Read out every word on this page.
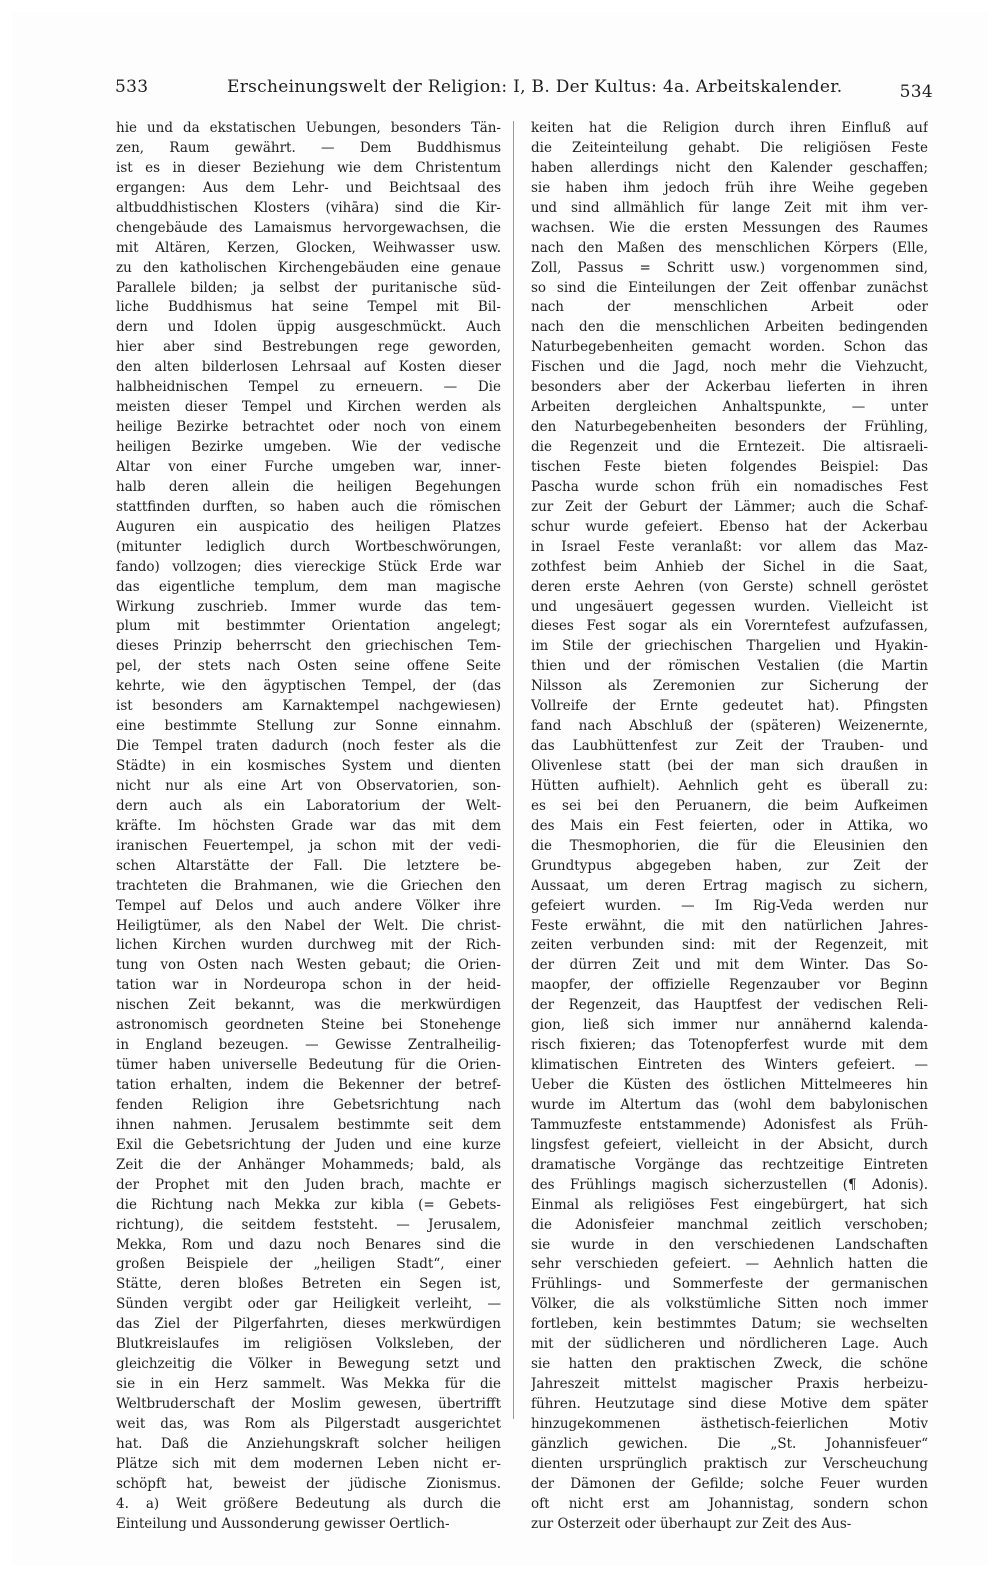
533	Erscheinungswelt der Religion: I, B. Der Kultus: 4a. Arbeitskalender.	534
hie und da ekstatischen Uebungen, besonders Tän-
zen, Raum gewährt. — Dem Buddhismus
ist es in dieser Beziehung wie dem Christentum
ergangen: Aus dem Lehr- und Beichtsaal des
altbuddhistischen Klosters (vihāra) sind die Kir-
chengebäude des Lamaismus hervorgewachsen, die
mit Altären, Kerzen, Glocken, Weihwasser usw.
zu den katholischen Kirchengebäuden eine genaue
Parallele bilden; ja selbst der puritanische süd-
liche Buddhismus hat seine Tempel mit Bil-
dern und Idolen üppig ausgeschmückt. Auch
hier aber sind Bestrebungen rege geworden,
den alten bilderlosen Lehrsaal auf Kosten dieser
halbheidnischen Tempel zu erneuern. — Die
meisten dieser Tempel und Kirchen werden als
heilige Bezirke betrachtet oder noch von einem
heiligen Bezirke umgeben. Wie der vedische
Altar von einer Furche umgeben war, inner-
halb deren allein die heiligen Begehungen
stattfinden durften, so haben auch die römischen
Auguren ein auspicatio des heiligen Platzes
(mitunter lediglich durch Wortbeschwörungen,
fando) vollzogen; dies viereckige Stück Erde war
das eigentliche templum, dem man magische
Wirkung zuschrieb. Immer wurde das tem-
plum mit bestimmter Orientation angelegt;
dieses Prinzip beherrscht den griechischen Tem-
pel, der stets nach Osten seine offene Seite
kehrte, wie den ägyptischen Tempel, der (das
ist besonders am Karnaktempel nachgewiesen)
eine bestimmte Stellung zur Sonne einnahm.
Die Tempel traten dadurch (noch fester als die
Städte) in ein kosmisches System und dienten
nicht nur als eine Art von Observatorien, son-
dern auch als ein Laboratorium der Welt-
kräfte. Im höchsten Grade war das mit dem
iranischen Feuertempel, ja schon mit der vedi-
schen Altarstätte der Fall. Die letztere be-
trachteten die Brahmanen, wie die Griechen den
Tempel auf Delos und auch andere Völker ihre
Heiligtümer, als den Nabel der Welt. Die christ-
lichen Kirchen wurden durchweg mit der Rich-
tung von Osten nach Westen gebaut; die Orien-
tation war in Nordeuropa schon in der heid-
nischen Zeit bekannt, was die merkwürdigen
astronomisch geordneten Steine bei Stonehenge
in England bezeugen. — Gewisse Zentralheilig-
tümer haben universelle Bedeutung für die Orien-
tation erhalten, indem die Bekenner der betref-
fenden Religion ihre Gebetsrichtung nach
ihnen nahmen. Jerusalem bestimmte seit dem
Exil die Gebetsrichtung der Juden und eine kurze
Zeit die der Anhänger Mohammeds; bald, als
der Prophet mit den Juden brach, machte er
die Richtung nach Mekka zur kibla (= Gebets-
richtung), die seitdem feststeht. — Jerusalem,
Mekka, Rom und dazu noch Benares sind die
großen Beispiele der „heiligen Stadt“, einer
Stätte, deren bloßes Betreten ein Segen ist,
Sünden vergibt oder gar Heiligkeit verleiht, —
das Ziel der Pilgerfahrten, dieses merkwürdigen
Blutkreislaufes im religiösen Volksleben, der
gleichzeitig die Völker in Bewegung setzt und
sie in ein Herz sammelt. Was Mekka für die
Weltbruderschaft der Moslim gewesen, übertrifft
weit das, was Rom als Pilgerstadt ausgerichtet
hat. Daß die Anziehungskraft solcher heiligen
Plätze sich mit dem modernen Leben nicht er-
schöpft hat, beweist der jüdische Zionismus.
4. a) Weit größere Bedeutung als durch die
Einteilung und Aussonderung gewisser Oertlich-
keiten hat die Religion durch ihren Einfluß auf
die Zeiteinteilung gehabt. Die religiösen Feste
haben allerdings nicht den Kalender geschaffen;
sie haben ihm jedoch früh ihre Weihe gegeben
und sind allmählich für lange Zeit mit ihm ver-
wachsen. Wie die ersten Messungen des Raumes
nach den Maßen des menschlichen Körpers (Elle,
Zoll, Passus = Schritt usw.) vorgenommen sind,
so sind die Einteilungen der Zeit offenbar zunächst
nach der menschlichen Arbeit oder
nach den die menschlichen Arbeiten bedingenden
Naturbegebenheiten gemacht worden. Schon das
Fischen und die Jagd, noch mehr die Viehzucht,
besonders aber der Ackerbau lieferten in ihren
Arbeiten dergleichen Anhaltspunkte, — unter
den Naturbegebenheiten besonders der Frühling,
die Regenzeit und die Erntezeit. Die altisraeli-
tischen Feste bieten folgendes Beispiel: Das
Pascha wurde schon früh ein nomadisches Fest
zur Zeit der Geburt der Lämmer; auch die Schaf-
schur wurde gefeiert. Ebenso hat der Ackerbau
in Israel Feste veranlaßt: vor allem das Maz-
zothfest beim Anhieb der Sichel in die Saat,
deren erste Aehren (von Gerste) schnell geröstet
und ungesäuert gegessen wurden. Vielleicht ist
dieses Fest sogar als ein Vorerntefest aufzufassen,
im Stile der griechischen Thargelien und Hyakin-
thien und der römischen Vestalien (die Martin
Nilsson als Zeremonien zur Sicherung der
Vollreife der Ernte gedeutet hat). Pfingsten
fand nach Abschluß der (späteren) Weizenernte,
das Laubhüttenfest zur Zeit der Trauben- und
Olivenlese statt (bei der man sich draußen in
Hütten aufhielt). Aehnlich geht es überall zu:
es sei bei den Peruanern, die beim Aufkeimen
des Mais ein Fest feierten, oder in Attika, wo
die Thesmophorien, die für die Eleusinien den
Grundtypus abgegeben haben, zur Zeit der
Aussaat, um deren Ertrag magisch zu sichern,
gefeiert wurden. — Im Rig-Veda werden nur
Feste erwähnt, die mit den natürlichen Jahres-
zeiten verbunden sind: mit der Regenzeit, mit
der dürren Zeit und mit dem Winter. Das So-
maopfer, der offizielle Regenzauber vor Beginn
der Regenzeit, das Hauptfest der vedischen Reli-
gion, ließ sich immer nur annähernd kalenda-
risch fixieren; das Totenopferfest wurde mit dem
klimatischen Eintreten des Winters gefeiert. —
Ueber die Küsten des östlichen Mittelmeeres hin
wurde im Altertum das (wohl dem babylonischen
Tammuzfeste entstammende) Adonisfest als Früh-
lingsfest gefeiert, vielleicht in der Absicht, durch
dramatische Vorgänge das rechtzeitige Eintreten
des Frühlings magisch sicherzustellen (¶ Adonis).
Einmal als religiöses Fest eingebürgert, hat sich
die Adonisfeier manchmal zeitlich verschoben;
sie wurde in den verschiedenen Landschaften
sehr verschieden gefeiert. — Aehnlich hatten die
Frühlings- und Sommerfeste der germanischen
Völker, die als volkstümliche Sitten noch immer
fortleben, kein bestimmtes Datum; sie wechselten
mit der südlicheren und nördlicheren Lage. Auch
sie hatten den praktischen Zweck, die schöne
Jahreszeit mittelst magischer Praxis herbeizu-
führen. Heutzutage sind diese Motive dem später
hinzugekommenen ästhetisch-feierlichen Motiv
gänzlich gewichen. Die „St. Johannisfeuer“
dienten ursprünglich praktisch zur Verscheuchung
der Dämonen der Gefilde; solche Feuer wurden
oft nicht erst am Johannistag, sondern schon
zur Osterzeit oder überhaupt zur Zeit des Aus-
